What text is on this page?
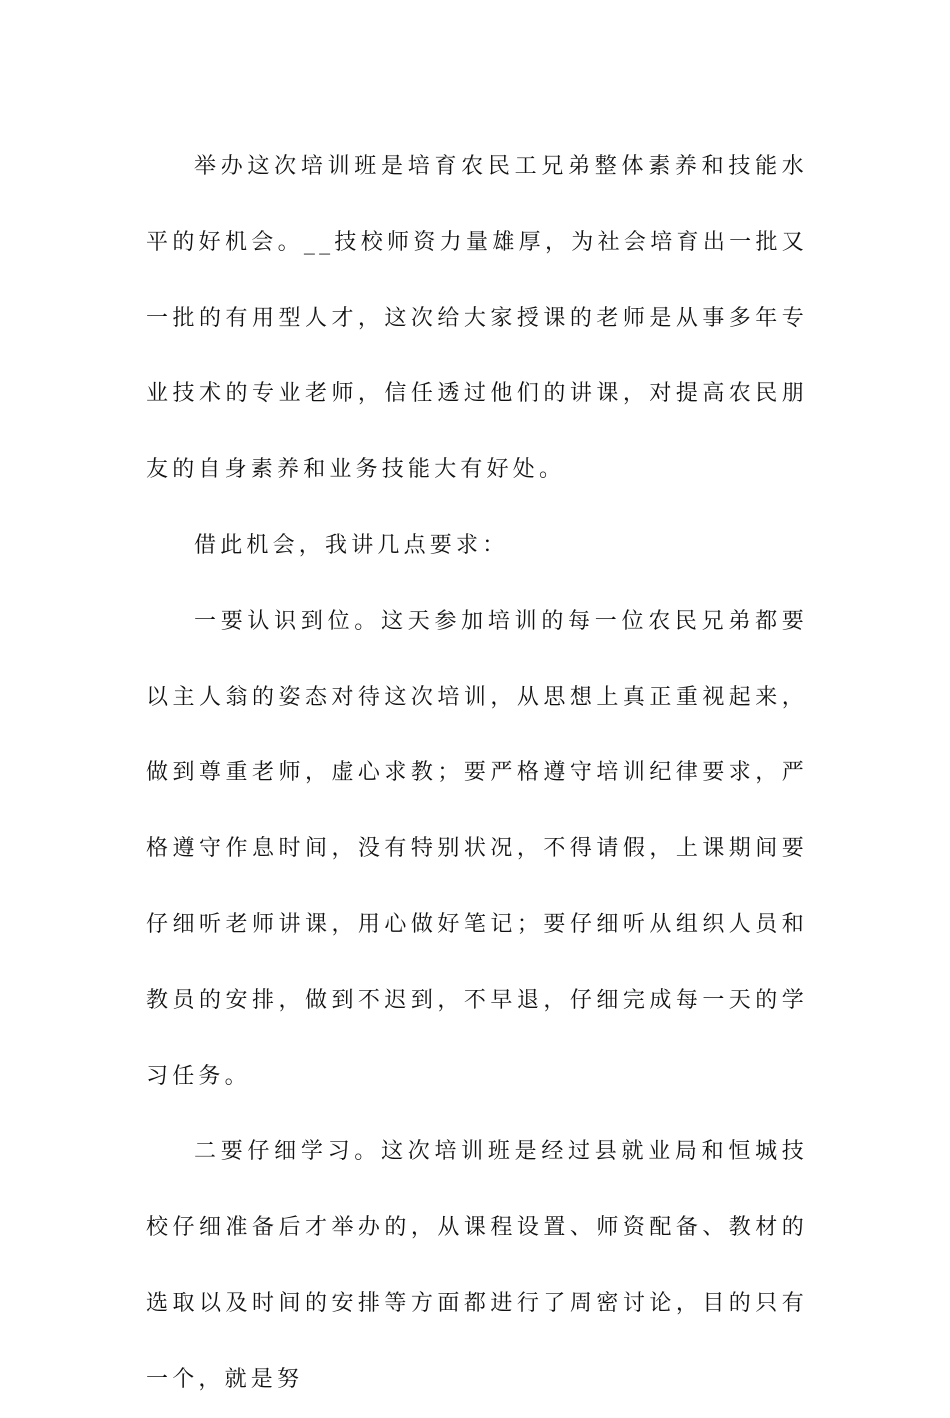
举办这次培训班是培育农民工兄弟整体素养和技能水平的好机会。__技校师资力量雄厚，为社会培育出一批又一批的有用型人才，这次给大家授课的老师是从事多年专业技术的专业老师，信任透过他们的讲课，对提高农民朋友的自身素养和业务技能大有好处。

借此机会，我讲几点要求：

一要认识到位。这天参加培训的每一位农民兄弟都要以主人翁的姿态对待这次培训，从思想上真正重视起来，做到尊重老师，虚心求教；要严格遵守培训纪律要求，严格遵守作息时间，没有特别状况，不得请假，上课期间要仔细听老师讲课，用心做好笔记；要仔细听从组织人员和教员的安排，做到不迟到，不早退，仔细完成每一天的学习任务。

二要仔细学习。这次培训班是经过县就业局和恒城技校仔细准备后才举办的，从课程设置、师资配备、教材的选取以及时间的安排等方面都进行了周密讨论，目的只有一个，就是努
